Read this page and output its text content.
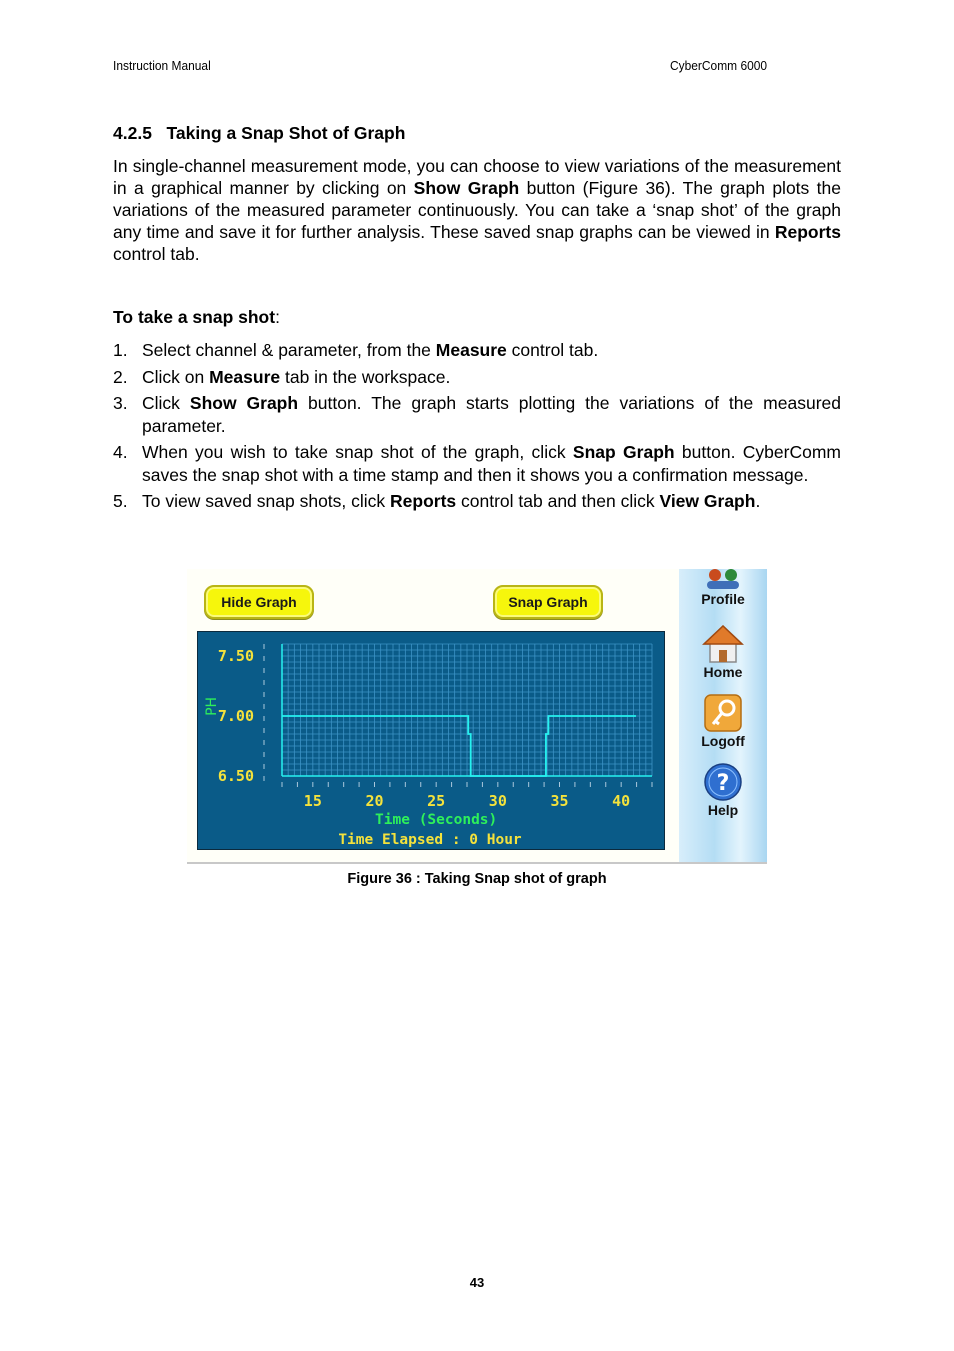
Instruction Manual	CyberComm 6000
4.2.5 Taking a Snap Shot of Graph
In single-channel measurement mode, you can choose to view variations of the measurement in a graphical manner by clicking on Show Graph button (Figure 36). The graph plots the variations of the measured parameter continuously. You can take a ‘snap shot’ of the graph any time and save it for further analysis. These saved snap graphs can be viewed in Reports control tab.
To take a snap shot:
1. Select channel & parameter, from the Measure control tab.
2. Click on Measure tab in the workspace.
3. Click Show Graph button. The graph starts plotting the variations of the measured parameter.
4. When you wish to take snap shot of the graph, click Snap Graph button. CyberComm saves the snap shot with a time stamp and then it shows you a confirmation message.
5. To view saved snap shots, click Reports control tab and then click View Graph.
Hide Graph	Snap Graph
7.50
7.00
6.50
15	20	25	30	35	40
PH
Time (Seconds)
Time Elapsed : 0 Hour
Profile
Home
Logoff
?
Help
Figure 36 : Taking Snap shot of graph
43
